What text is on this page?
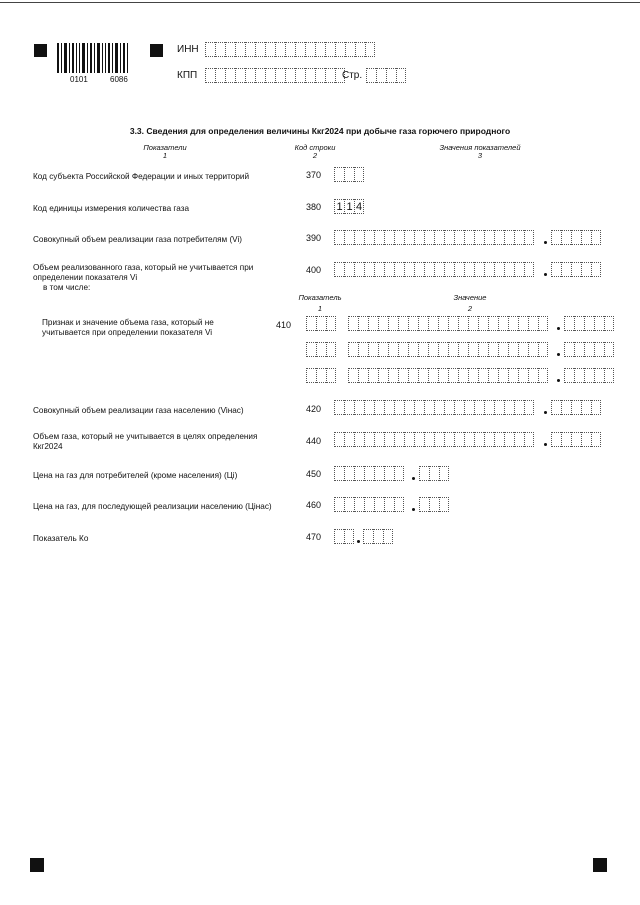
0101	6086
ИНН
КПП	Стр.
3.3. Сведения для определения величины Ккг2024 при добыче газа горючего природного
Показатели
1
Код строки
2
Значения показателей
3
Код субъекта Российской Федерации и иных территорий	370
Код единицы измерения количества газа	380 1 1 4
Совокупный объем реализации газа потребителям (Vi)	390
Объем реализованного газа, который не учитывается при определении показателя Vi
в том числе:
400
Показатель
1
Значение
2
Признак и значение объема газа, который не учитывается при определении показателя Vi
410
Совокупный объем реализации газа населению (Viнас)	420
Объем газа, который не учитывается в целях определения Ккг2024
440
Цена на газ для потребителей (кроме населения) (Цi)	450
Цена на газ, для последующей реализации населению (Цiнас)	460
Показатель Ко	470
